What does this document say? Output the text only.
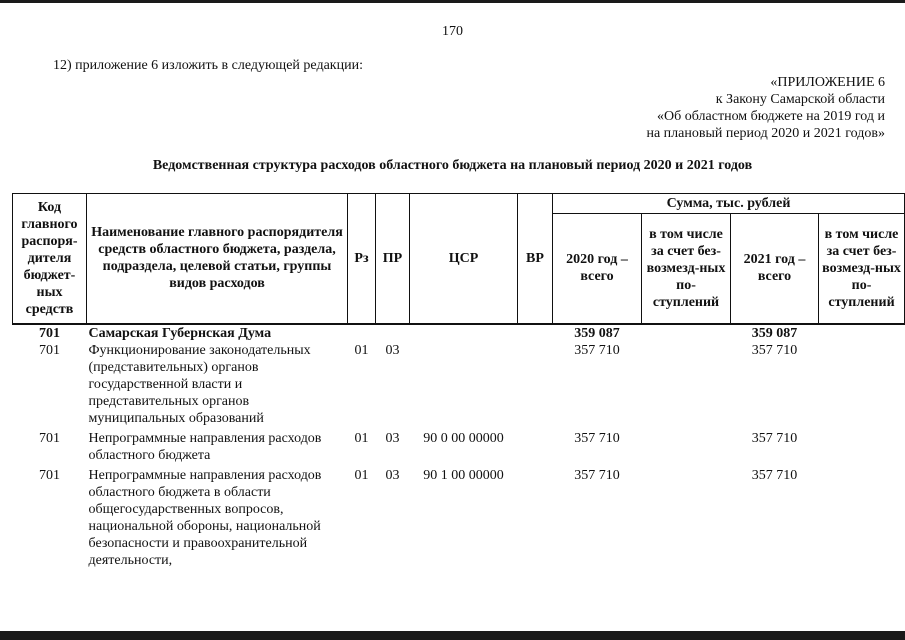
170
12) приложение 6 изложить в следующей редакции:
«ПРИЛОЖЕНИЕ 6
к Закону Самарской области
«Об областном бюджете на 2019 год и
на плановый период 2020 и 2021 годов»
Ведомственная структура расходов областного бюджета на плановый период 2020 и 2021 годов
Код главного распоря-дителя бюджет-ных средств	Наименование главного распорядителя средств областного бюджета, раздела, подраздела, целевой статьи, группы видов расходов	Рз	ПР	ЦСР	ВР	Сумма, тыс. рублей			
						2020 год – всего	в том числе за счет без-возмезд-ных по-ступлений	2021 год – всего	в том числе за счет без-возмезд-ных по-ступлений
701	Самарская Губернская Дума					359 087		359 087	
701	Функционирование законодательных (представительных) органов государственной власти и представительных органов муниципальных образований	01	03			357 710		357 710	
701	Непрограммные направления расходов областного бюджета	01	03	90 0 00 00000		357 710		357 710	
701	Непрограммные направления расходов областного бюджета в области общегосударственных вопросов, национальной обороны, национальной безопасности и правоохранительной деятельности,	01	03	90 1 00 00000		357 710		357 710	
